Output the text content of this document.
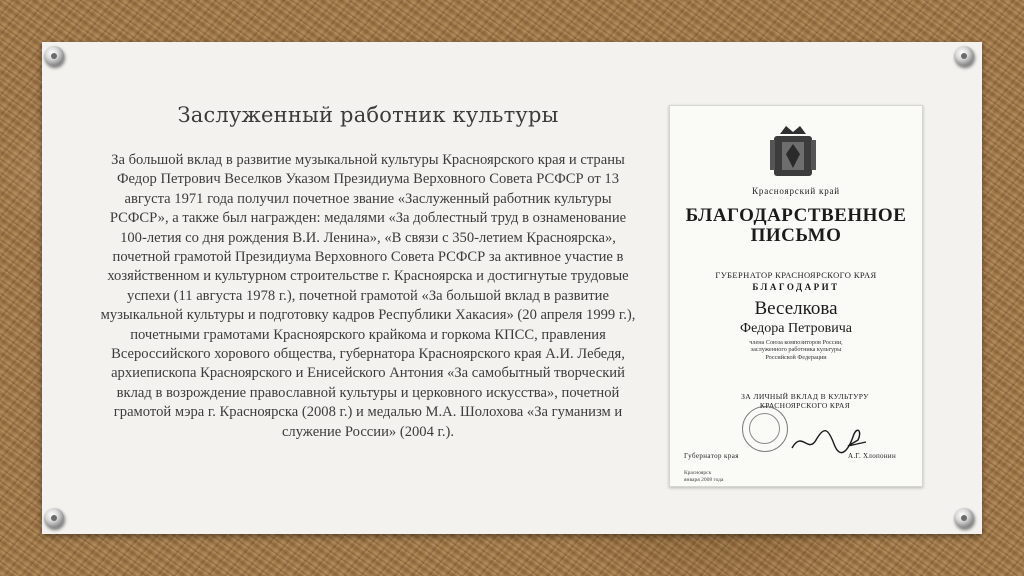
Заслуженный работник культуры
За большой вклад в развитие музыкальной культуры Красноярского края и страны Федор Петрович Веселков Указом Президиума Верховного Совета РСФСР от 13 августа 1971 года получил почетное звание «Заслуженный работник культуры РСФСР», а также был награжден: медалями «За доблестный труд в ознаменование 100-летия со дня рождения В.И. Ленина», «В связи с 350-летием Красноярска», почетной грамотой Президиума Верховного Совета РСФСР за активное участие в хозяйственном и культурном строительстве г. Красноярска и достигнутые трудовые успехи (11 августа 1978 г.), почетной грамотой «За большой вклад в развитие музыкальной культуры и подготовку кадров Республики Хакасия» (20 апреля 1999 г.), почетными грамотами Красноярского крайкома и горкома КПСС, правления Всероссийского хорового общества, губернатора Красноярского края А.И. Лебедя, архиепископа Красноярского и Енисейского Антония «За самобытный творческий вклад в возрождение православной культуры и церковного искусства», почетной грамотой мэра г. Красноярска (2008 г.) и медалью М.А. Шолохова «За гуманизм и служение России» (2004 г.).
Красноярский край
БЛАГОДАРСТВЕННОЕ
ПИСЬМО
ГУБЕРНАТОР КРАСНОЯРСКОГО КРАЯ
БЛАГОДАРИТ
Веселкова
Федора Петровича
члена Союза композиторов России,
заслуженного работника культуры
Российской Федерации
ЗА ЛИЧНЫЙ ВКЛАД В КУЛЬТУРУ
КРАСНОЯРСКОГО КРАЯ
Губернатор края	А.Г. Хлопонин
Красноярск
января 2008 года
